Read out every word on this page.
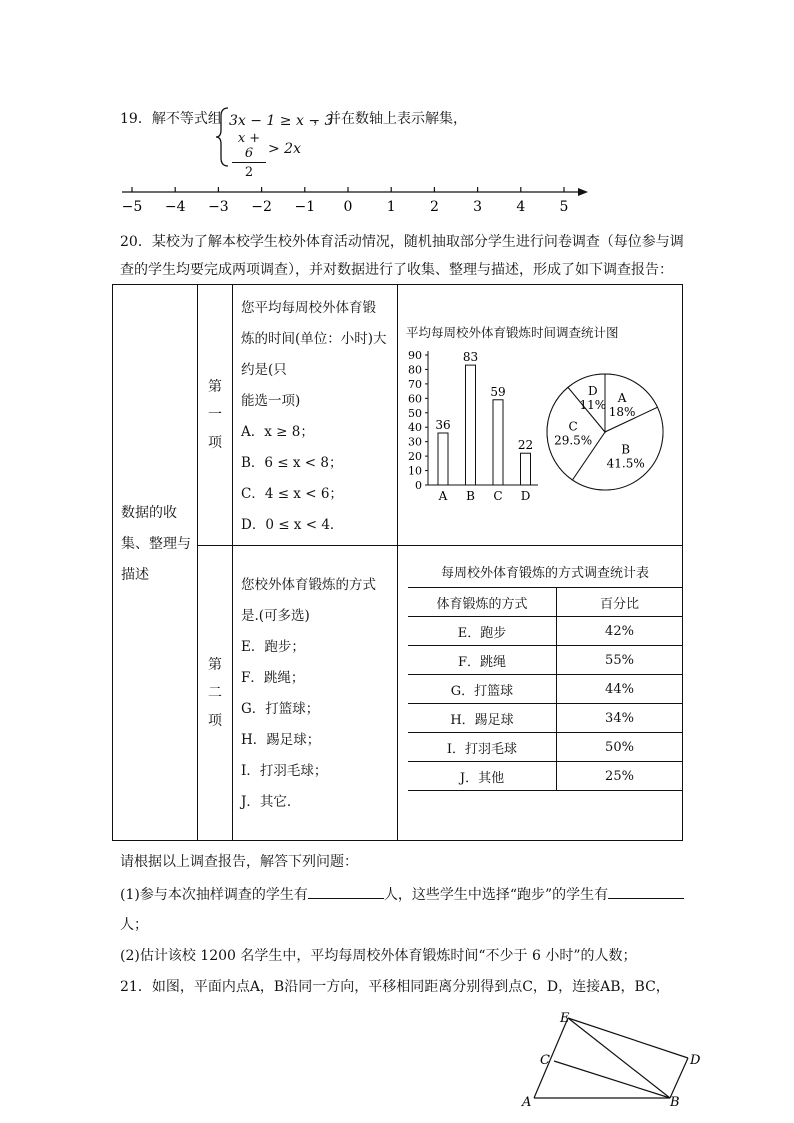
19．解不等式组 3x − 1 ≥ x − 3
$\frac{x + 6}{2} > 2x$
，并在数轴上表示解集，
−5 −4 −3 −2 −1 0 1 2 3 4 5
20．某校为了解本校学生校外体育活动情况，随机抽取部分学生进行问卷调查（每位参与调
查的学生均要完成两项调查），并对数据进行了收集、整理与描述，形成了如下调查报告：
数据的收集、整理与描述

第一项

您平均每周校外体育锻
炼的时间(单位：小时)大
约是(只
能选一项)
A．x ≥ 8；
B．6 ≤ x < 8；
C．4 ≤ x < 6；
D．0 ≤ x < 4．

平均每周校外体育锻炼时间调查统计图
0
10
20
30
40
50
60
70
80
90
36
A
83
B
59
C
22
D
A
18%
B
41.5%
C
29.5%
D
11%

第二项

您校外体育锻炼的方式
是.(可多选)
E．跑步；
F．跳绳；
G．打篮球；
H．踢足球；
I．打羽毛球；
J．其它．

每周校外体育锻炼的方式调查统计表
体育锻炼的方式	百分比
E．跑步	42%
F．跳绳	55%
G．打篮球	44%
H．踢足球	34%
I．打羽毛球	50%
J．其他	25%
请根据以上调查报告，解答下列问题：
(1)参与本次抽样调查的学生有	人，这些学生中选择“跑步”的学生有
人；
(2)估计该校 1200 名学生中，平均每周校外体育锻炼时间“不少于 6 小时”的人数；
21．如图，平面内点A，B沿同一方向，平移相同距离分别得到点C，D，连接AB，BC，
E
C	D
A	B
